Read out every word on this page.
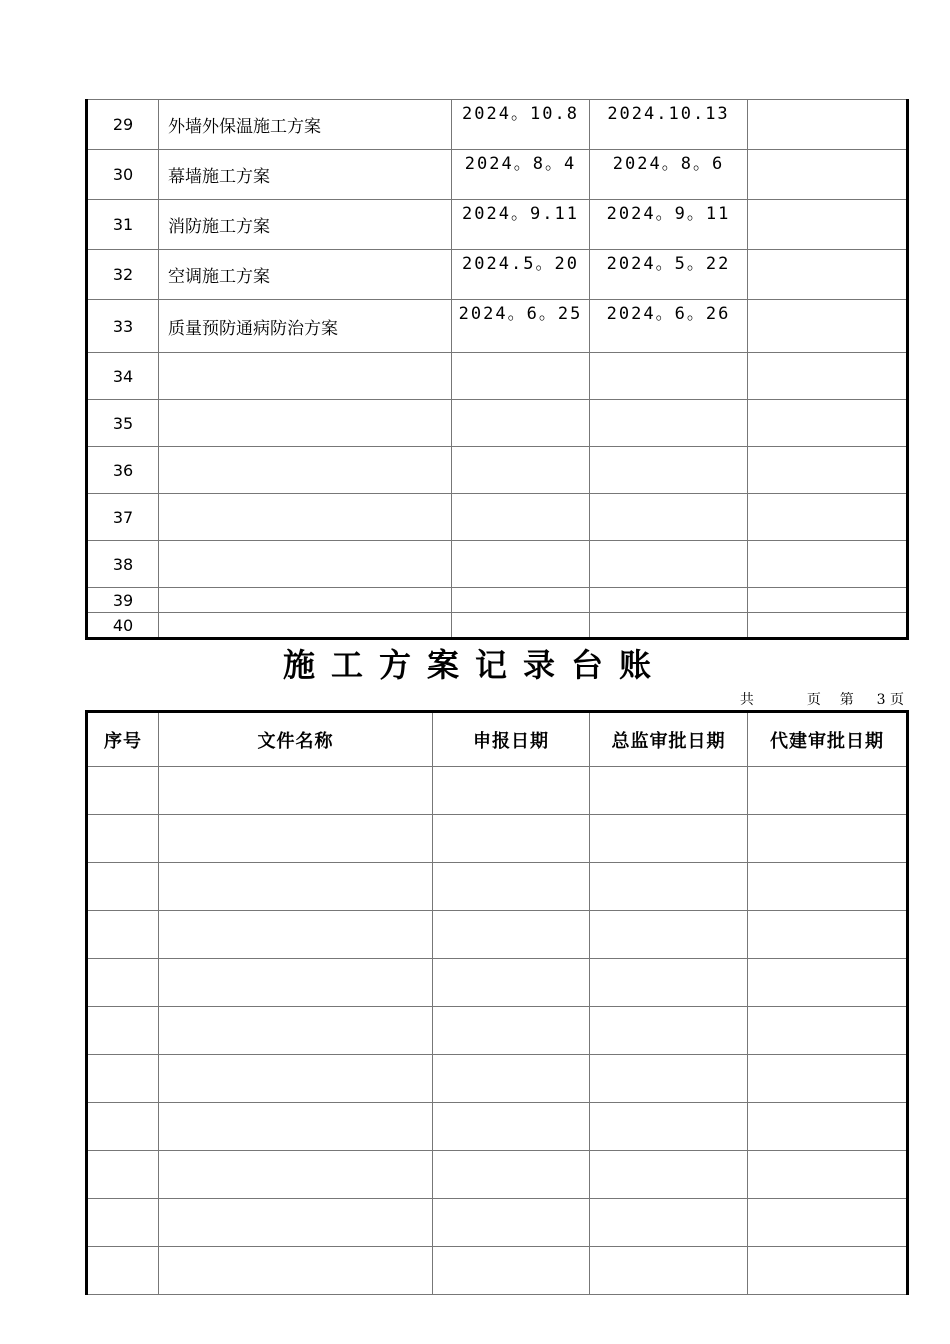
29	外墙外保温施工方案	2024。10.8	2024.10.13	
30	幕墙施工方案	2024。8。4	2024。8。6	
31	消防施工方案	2024。9.11	2024。9。11	
32	空调施工方案	2024.5。20	2024。5。22	
33	质量预防通病防治方案	2024。6。25	2024。6。26	
34				
35				
36				
37				
38				
39				
40				
施工方案记录台账
共	页 第 3 页
序号	文件名称	申报日期	总监审批日期	代建审批日期
